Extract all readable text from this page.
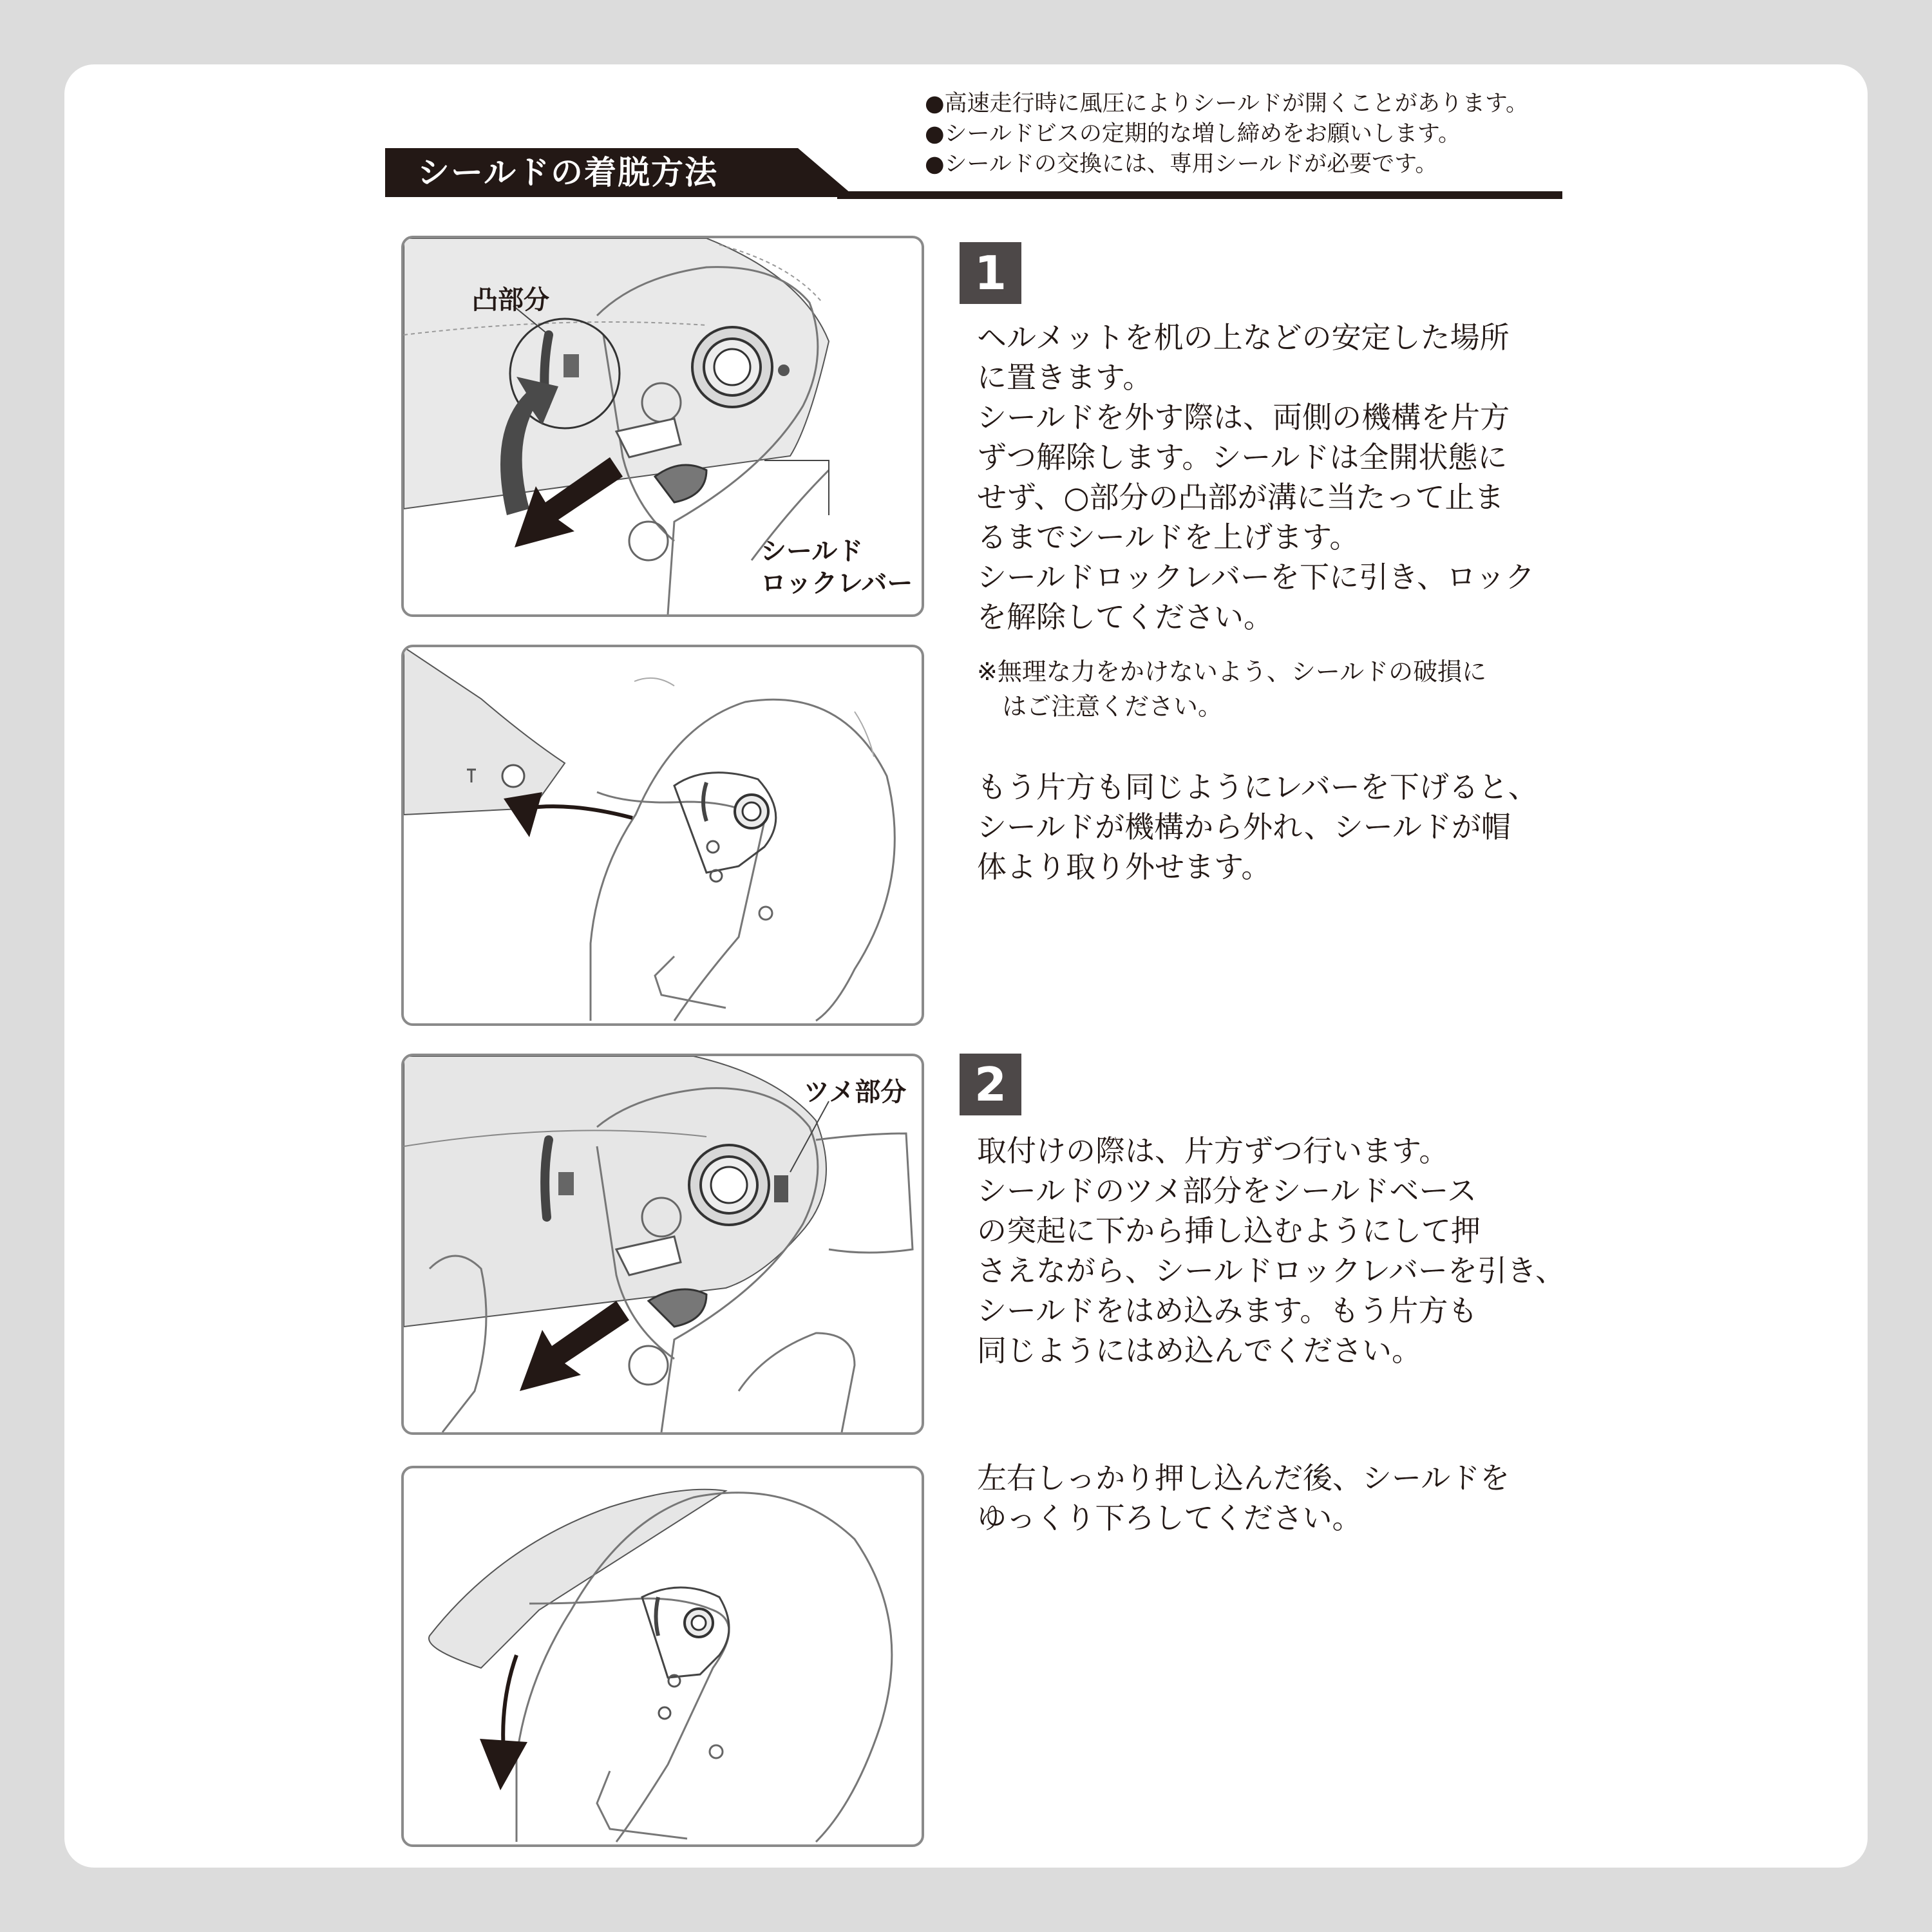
●高速走行時に風圧によりシールドが開くことがあります。
●シールドビスの定期的な増し締めをお願いします。
●シールドの交換には、専用シールドが必要です。
シールドの着脱方法
凸部分
シールド
ロックレバー
ツメ部分
1
ヘルメットを机の上などの安定した場所
に置きます。
シールドを外す際は、両側の機構を片方
ずつ解除します。シールドは全開状態に
せず、○部分の凸部が溝に当たって止ま
るまでシールドを上げます。
シールドロックレバーを下に引き、ロック
を解除してください。
※無理な力をかけないよう、シールドの破損に
はご注意ください。
もう片方も同じようにレバーを下げると、
シールドが機構から外れ、シールドが帽
体より取り外せます。
2
取付けの際は、片方ずつ行います。
シールドのツメ部分をシールドベース
の突起に下から挿し込むようにして押
さえながら、シールドロックレバーを引き、
シールドをはめ込みます。もう片方も
同じようにはめ込んでください。
左右しっかり押し込んだ後、シールドを
ゆっくり下ろしてください。
